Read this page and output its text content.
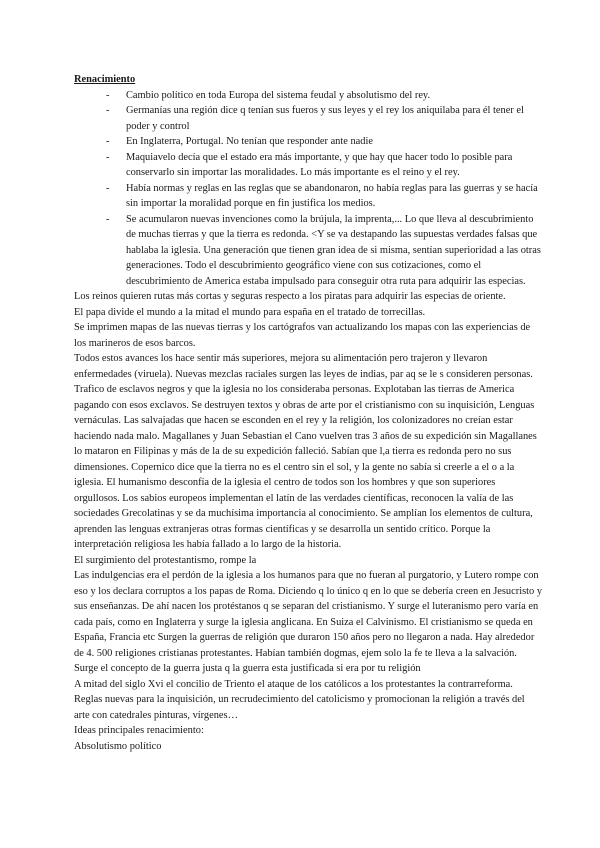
Renacimiento

- Cambio político en toda Europa del sistema feudal y absolutismo del rey.
- Germanías una región dice q tenían sus fueros y sus leyes y el rey los aniquilaba para él tener el poder y control
- En Inglaterra, Portugal. No tenían que responder ante nadie
- Maquiavelo decía que el estado era más importante, y que hay que hacer todo lo posible para conservarlo sin importar las moralidades. Lo más importante es el reino y el rey.
- Había normas y reglas en las reglas que se abandonaron, no había reglas para las guerras y se hacía sin importar la moralidad porque en fin justifica los medios.
- Se acumularon nuevas invenciones como la brújula, la imprenta,... Lo que lleva al descubrimiento de muchas tierras y que la tierra es redonda. <Y se va destapando las supuestas verdades falsas que hablaba la iglesia. Una generación que tienen gran idea de si misma, sentían superioridad a las otras generaciones. Todo el descubrimiento geográfico viene con sus cotizaciones, como el descubrimiento de America estaba impulsado para conseguir otra ruta para adquirir las especias.

Los reinos quieren rutas más cortas y seguras respecto a los piratas para adquirir las especias de oriente.

El papa divide el mundo a la mitad el mundo para españa en el tratado de torrecillas.

Se imprimen mapas de las nuevas tierras y los cartógrafos van actualizando los mapas con las experiencias de los marineros de esos barcos.

Todos estos avances los hace sentir más superiores, mejora su alimentación pero trajeron y llevaron enfermedades (viruela). Nuevas mezclas raciales surgen las leyes de indias, par aq se le s consideren personas. Trafico de esclavos negros y que la iglesia no los consideraba personas. Explotaban las tierras de America pagando con esos exclavos. Se destruyen textos y obras de arte por el cristianismo con su inquisición, Lenguas vernáculas. Las salvajadas que hacen se esconden en el rey y la religión, los colonizadores no creían estar haciendo nada malo. Magallanes y Juan Sebastian el Cano vuelven tras 3 años de su expedición sin Magallanes lo mataron en Filipinas y más de la de su expedición falleció. Sabían que l,a tierra es redonda pero no sus dimensiones. Copernico dice que la tierra no es el centro sin el sol, y la gente no sabía si creerle a el o a la iglesia. El humanismo desconfía de la iglesia el centro de todos son los hombres y que son superiores orgullosos. Los sabios europeos implementan el latín de las verdades científicas, reconocen la valía de las sociedades Grecolatinas y se da muchísima importancia al conocimiento. Se amplían los elementos de cultura, aprenden las lenguas extranjeras otras formas científicas y se desarrolla un sentido crítico. Porque la interpretación religiosa les había fallado a lo largo de la historia.

El surgimiento del protestantismo, rompe la

Las indulgencias era el perdón de la iglesia a los humanos para que no fueran al purgatorio, y Lutero rompe con eso y los declara corruptos a los papas de Roma. Diciendo q lo único q en lo que se debería creen en Jesucristo y sus enseñanzas. De ahí nacen los protéstanos q se separan del cristianismo. Y surge el luteranismo pero varía en cada país, como en Inglaterra y surge la iglesia anglicana. En Suiza el Calvinismo. El cristianismo se queda en España, Francia etc Surgen la guerras de religión que duraron 150 años pero no llegaron a nada. Hay alrededor de 4. 500 religiones cristianas protestantes. Habían también dogmas, ejem solo la fe te lleva a la salvación. Surge el concepto de la guerra justa q la guerra esta justificada si era por tu religión

A mitad del siglo Xvi el concilio de Triento el ataque de los católicos a los protestantes la contrarreforma. Reglas nuevas para la inquisición, un recrudecimiento del catolicismo y promocionan la religión a través del arte con catedrales pinturas, vírgenes…

Ideas principales renacimiento:

Absolutismo político
